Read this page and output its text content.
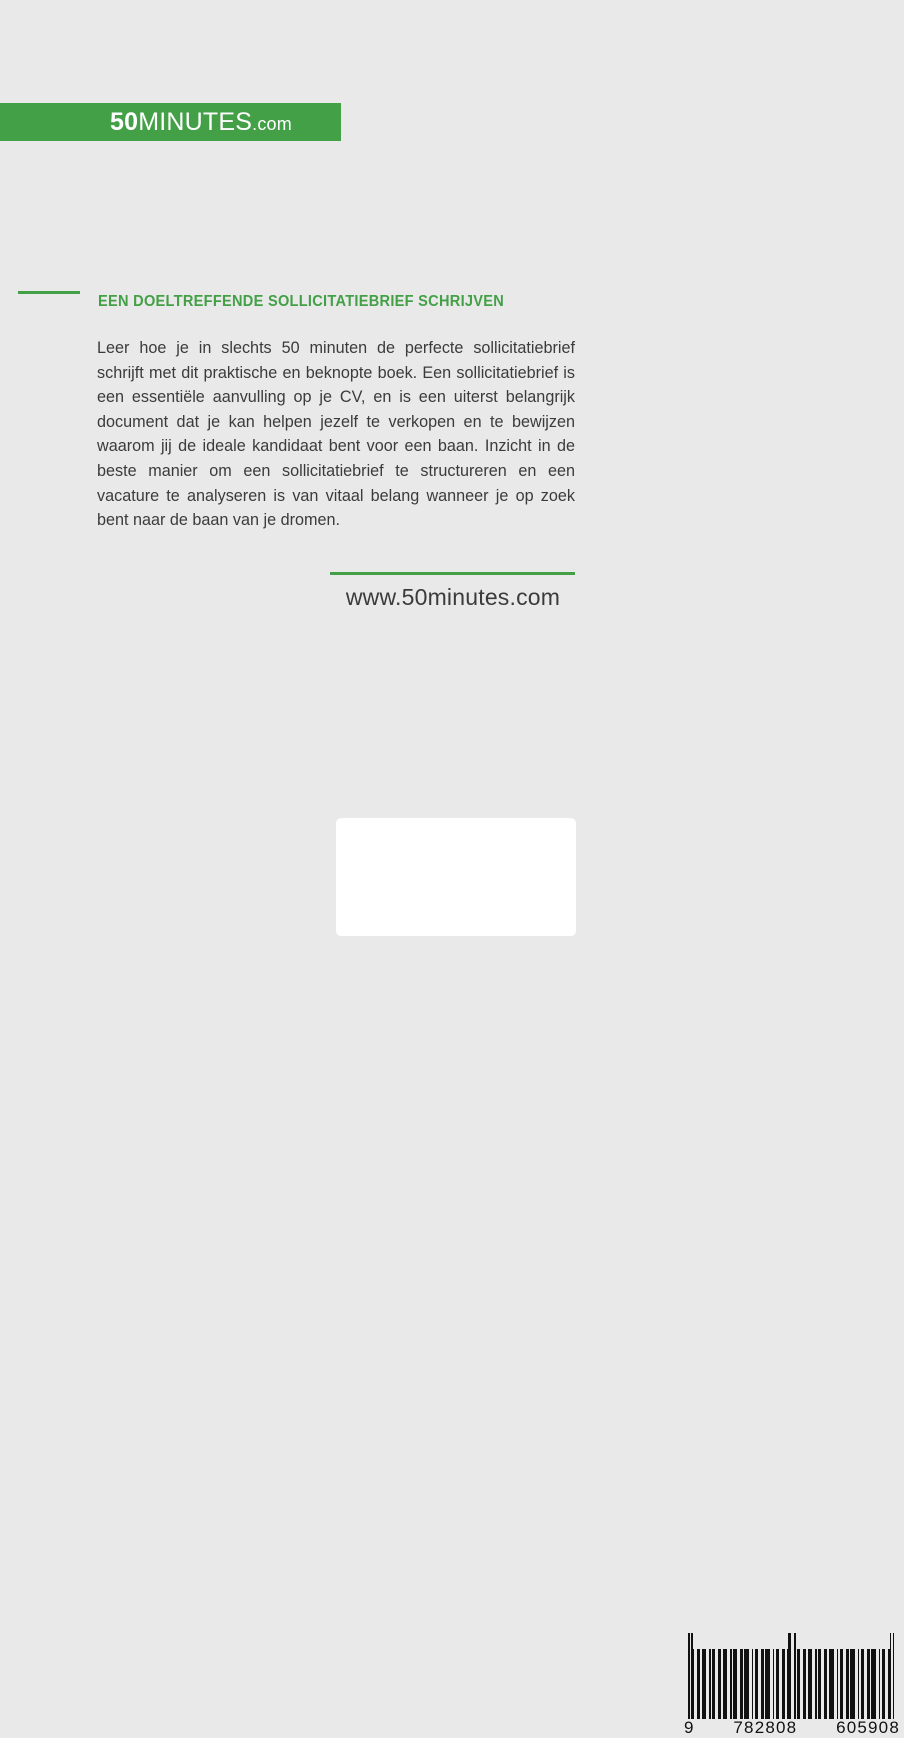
50MINUTES.com
EEN DOELTREFFENDE SOLLICITATIEBRIEF SCHRIJVEN
Leer hoe je in slechts 50 minuten de perfecte sollicitatiebrief schrijft met dit praktische en beknopte boek. Een sollicitatiebrief is een essentiële aanvulling op je CV, en is een uiterst belangrijk document dat je kan helpen jezelf te verkopen en te bewijzen waarom jij de ideale kandidaat bent voor een baan. Inzicht in de beste manier om een sollicitatiebrief te structureren en een vacature te analyseren is van vitaal belang wanneer je op zoek bent naar de baan van je dromen.
www.50minutes.com
9 782808 605908
